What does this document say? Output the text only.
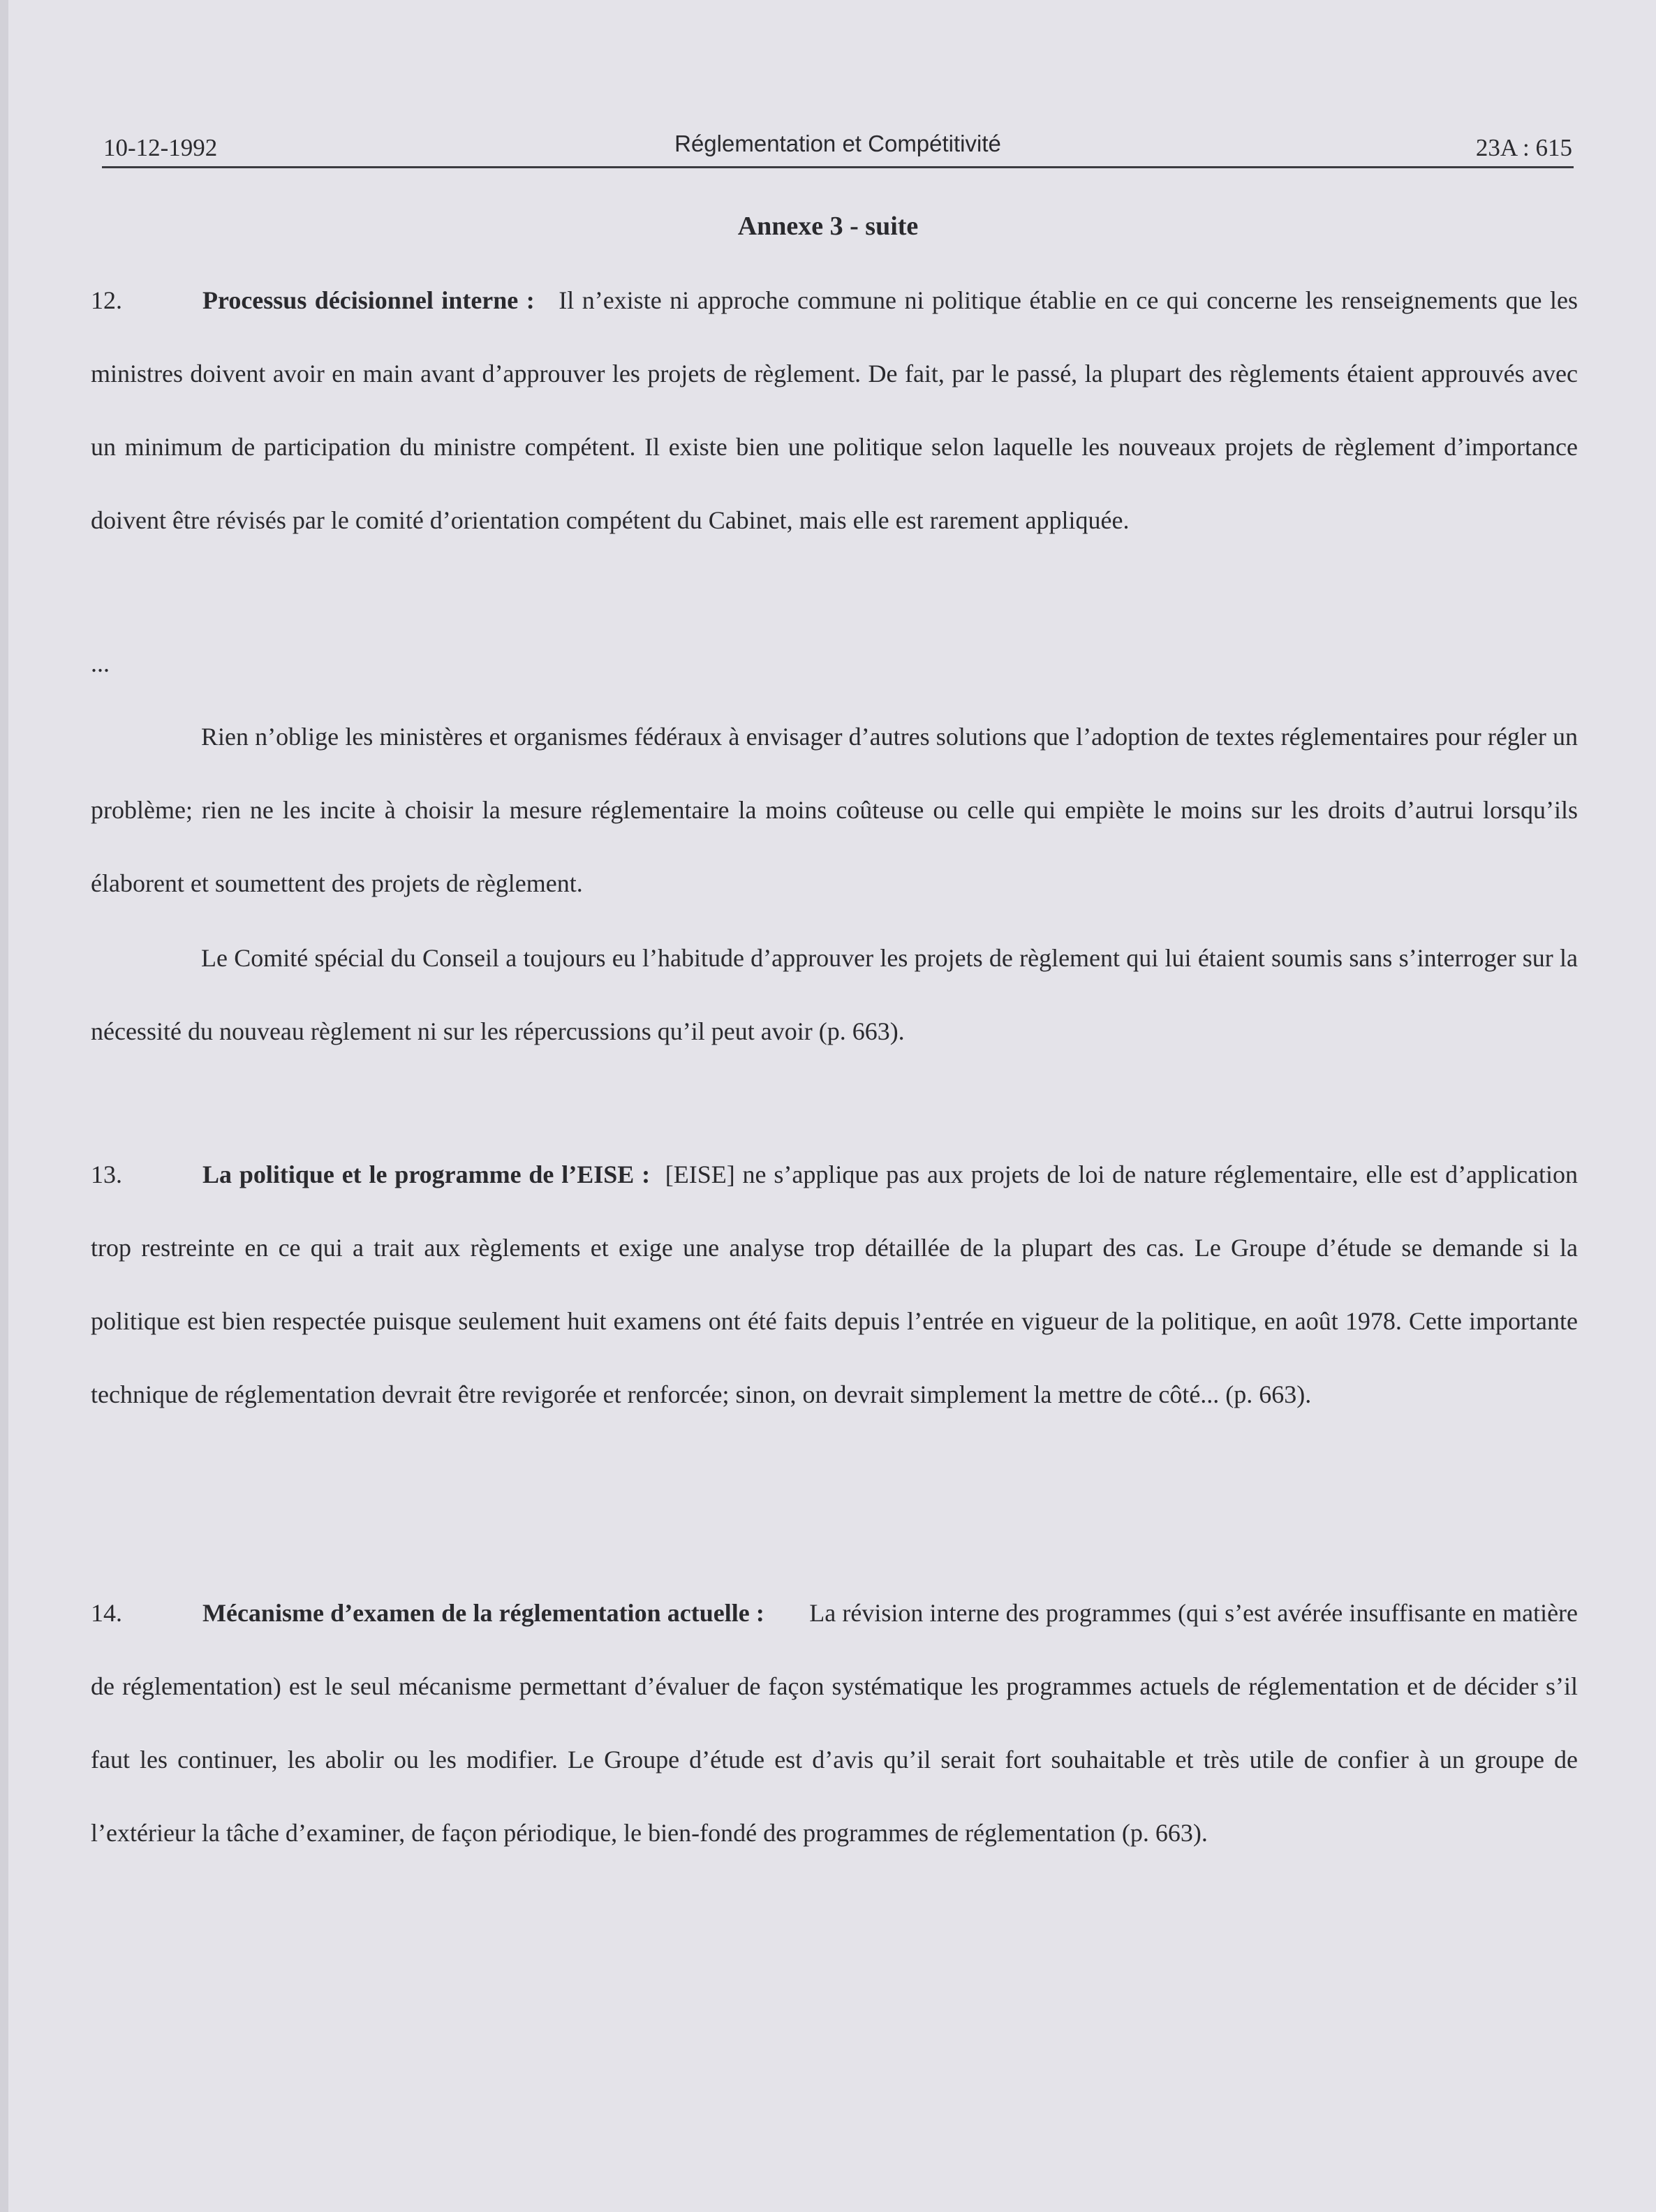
10-12-1992	Réglementation et Compétitivité	23A : 615
Annexe 3 - suite

12.	Processus décisionnel interne : Il n’existe ni approche commune ni politique établie en ce qui concerne les renseignements que les ministres doivent avoir en main avant d’approuver les projets de règlement. De fait, par le passé, la plupart des règlements étaient approuvés avec un minimum de participation du ministre compétent. Il existe bien une politique selon laquelle les nouveaux projets de règlement d’importance doivent être révisés par le comité d’orientation compétent du Cabinet, mais elle est rarement appliquée.

...

Rien n’oblige les ministères et organismes fédéraux à envisager d’autres solutions que l’adoption de textes réglementaires pour régler un problème; rien ne les incite à choisir la mesure réglementaire la moins coûteuse ou celle qui empiète le moins sur les droits d’autrui lorsqu’ils élaborent et soumettent des projets de règlement.

Le Comité spécial du Conseil a toujours eu l’habitude d’approuver les projets de règlement qui lui étaient soumis sans s’interroger sur la nécessité du nouveau règlement ni sur les répercussions qu’il peut avoir (p. 663).

13.	La politique et le programme de l’EISE : [EISE] ne s’applique pas aux projets de loi de nature réglementaire, elle est d’application trop restreinte en ce qui a trait aux règlements et exige une analyse trop détaillée de la plupart des cas. Le Groupe d’étude se demande si la politique est bien respectée puisque seulement huit examens ont été faits depuis l’entrée en vigueur de la politique, en août 1978. Cette importante technique de réglementation devrait être revigorée et renforcée; sinon, on devrait simplement la mettre de côté... (p. 663).

14.	Mécanisme d’examen de la réglementation actuelle : La révision interne des programmes (qui s’est avérée insuffisante en matière de réglementation) est le seul mécanisme permettant d’évaluer de façon systématique les programmes actuels de réglementation et de décider s’il faut les continuer, les abolir ou les modifier. Le Groupe d’étude est d’avis qu’il serait fort souhaitable et très utile de confier à un groupe de l’extérieur la tâche d’examiner, de façon périodique, le bien-fondé des programmes de réglementation (p. 663).
